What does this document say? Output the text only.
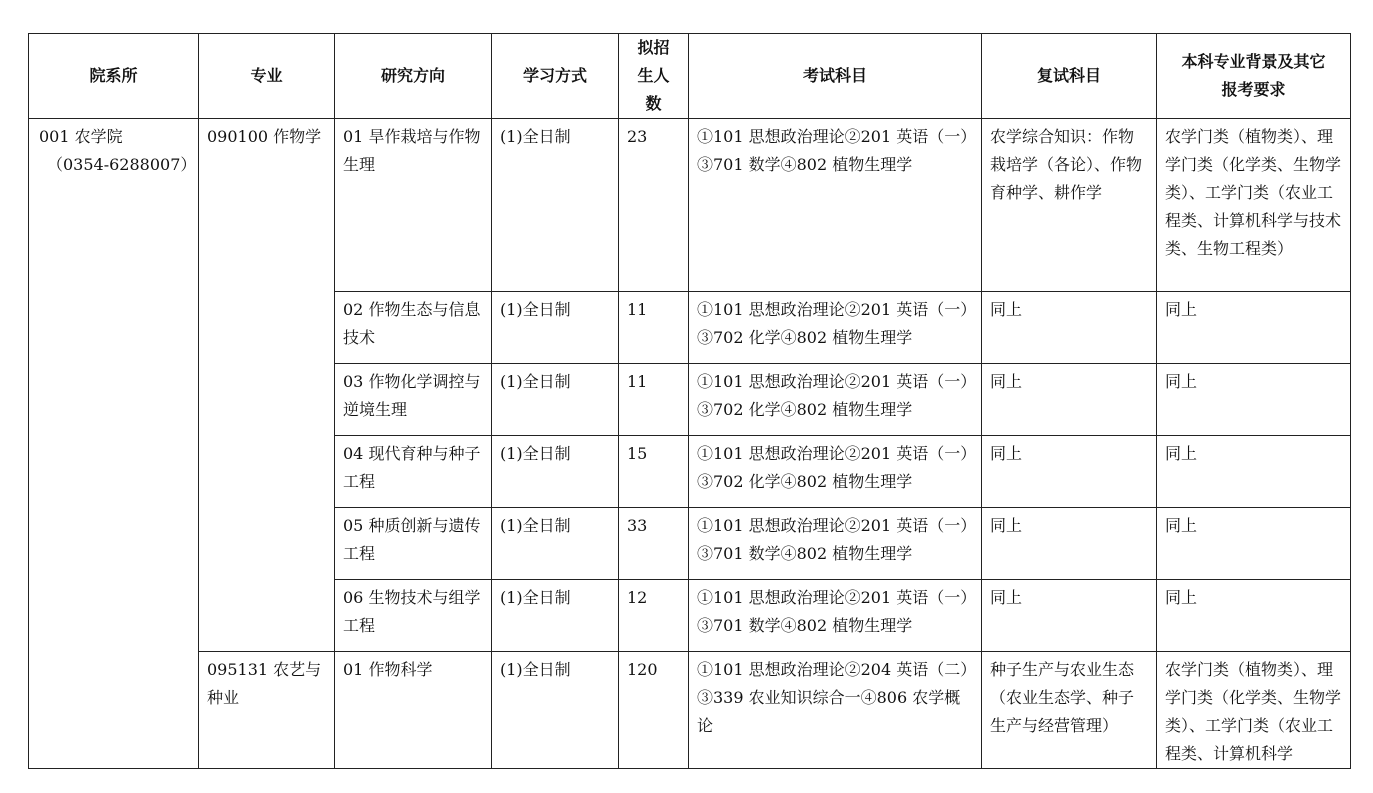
院系所	专业	研究方向	学习方式	拟招生人数	考试科目	复试科目	本科专业背景及其它报考要求
001 农学院
（0354-6288007）	090100 作物学	01 旱作栽培与作物生理	(1)全日制	23	①101 思想政治理论②201 英语（一）③701 数学④802 植物生理学	农学综合知识：作物栽培学（各论）、作物育种学、耕作学	农学门类（植物类）、理学门类（化学类、生物学类）、工学门类（农业工程类、计算机科学与技术类、生物工程类）
		02 作物生态与信息技术	(1)全日制	11	①101 思想政治理论②201 英语（一）③702 化学④802 植物生理学	同上	同上
		03 作物化学调控与逆境生理	(1)全日制	11	①101 思想政治理论②201 英语（一）③702 化学④802 植物生理学	同上	同上
		04 现代育种与种子工程	(1)全日制	15	①101 思想政治理论②201 英语（一）③702 化学④802 植物生理学	同上	同上
		05 种质创新与遗传工程	(1)全日制	33	①101 思想政治理论②201 英语（一）③701 数学④802 植物生理学	同上	同上
		06 生物技术与组学工程	(1)全日制	12	①101 思想政治理论②201 英语（一）③701 数学④802 植物生理学	同上	同上
	095131 农艺与种业	01 作物科学	(1)全日制	120	①101 思想政治理论②204 英语（二）③339 农业知识综合一④806 农学概论	种子生产与农业生态（农业生态学、种子生产与经营管理）	农学门类（植物类）、理学门类（化学类、生物学类）、工学门类（农业工程类、计算机科学
